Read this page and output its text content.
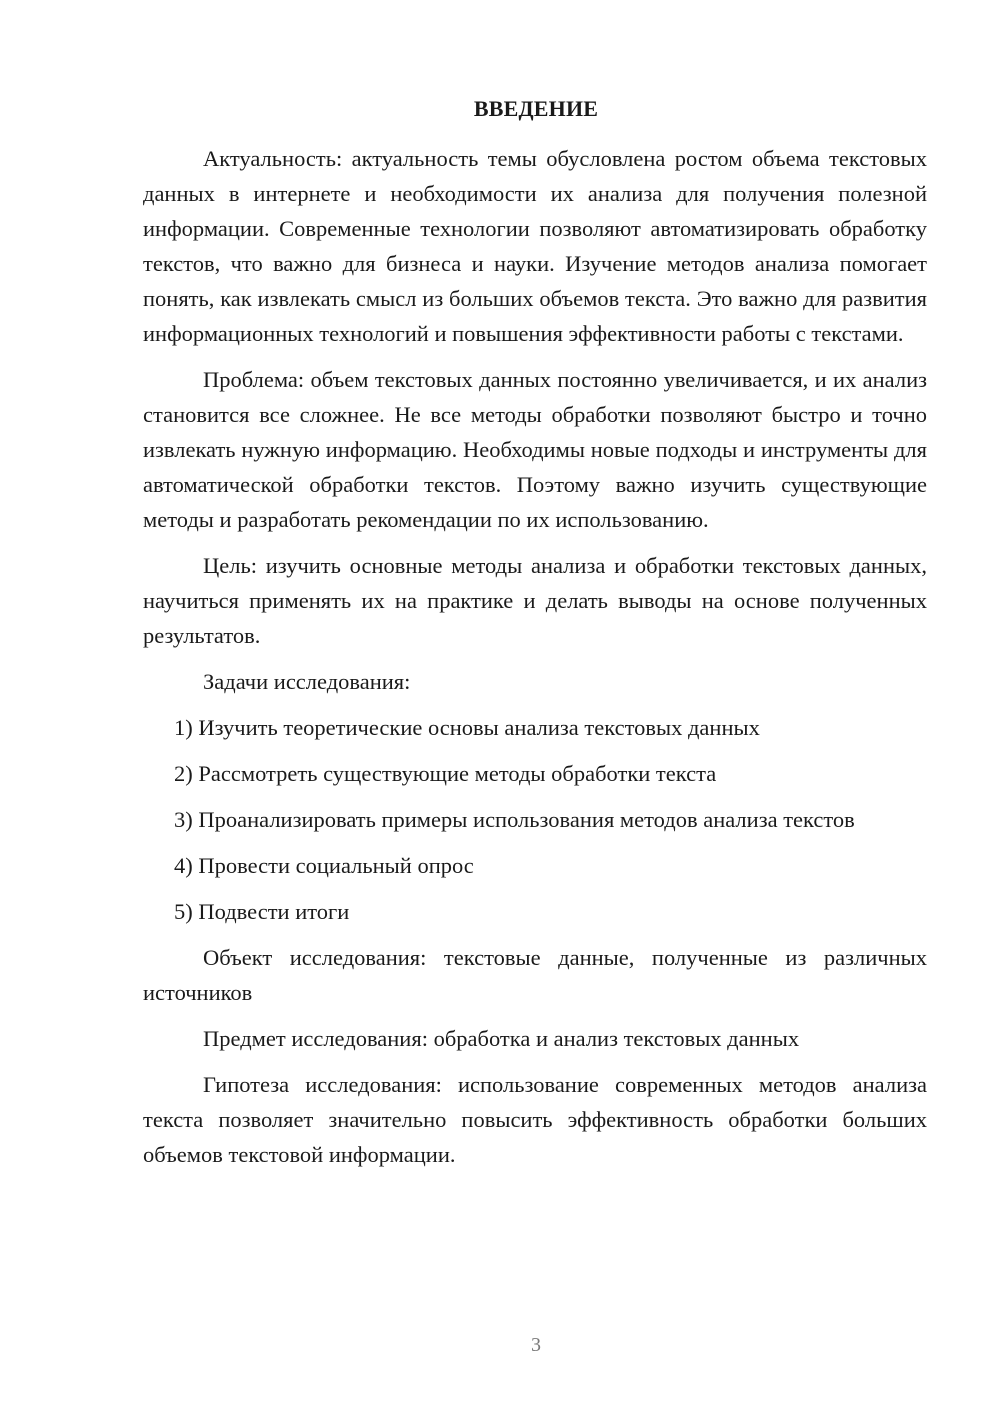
ВВЕДЕНИЕ

Актуальность: актуальность темы обусловлена ростом объема текстовых данных в интернете и необходимости их анализа для получения полезной информации. Современные технологии позволяют автоматизировать обработку текстов, что важно для бизнеса и науки. Изучение методов анализа помогает понять, как извлекать смысл из больших объемов текста. Это важно для развития информационных технологий и повышения эффективности работы с текстами.

Проблема: объем текстовых данных постоянно увеличивается, и их анализ становится все сложнее. Не все методы обработки позволяют быстро и точно извлекать нужную информацию. Необходимы новые подходы и инструменты для автоматической обработки текстов. Поэтому важно изучить существующие методы и разработать рекомендации по их использованию.

Цель: изучить основные методы анализа и обработки текстовых данных, научиться применять их на практике и делать выводы на основе полученных результатов.

Задачи исследования:

1) Изучить теоретические основы анализа текстовых данных

2) Рассмотреть существующие методы обработки текста

3) Проанализировать примеры использования методов анализа текстов

4) Провести социальный опрос

5) Подвести итоги

Объект исследования: текстовые данные, полученные из различных источников

Предмет исследования: обработка и анализ текстовых данных

Гипотеза исследования: использование современных методов анализа текста позволяет значительно повысить эффективность обработки больших объемов текстовой информации.

3
